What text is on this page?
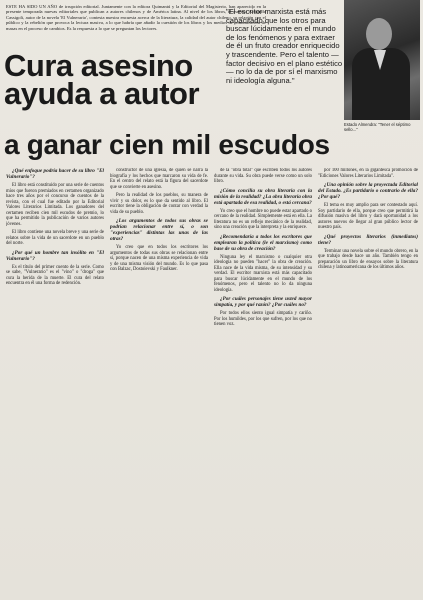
ESTE HA SIDO UN AÑO de irrupción editorial. Juntamente con la editora Quimantú y la Editorial del Magisterio, han aparecido en la presente temporada nuevas editoriales que publican a autores chilenos y de América latina. Al nivel de los libros, el escritor Armando Cassigoli, autor de la novela 'El Vulnerario', contesta nuestra encuesta acerca de la literatura, la calidad del autor chileno, su relación con el público y la rebelión que provoca la lectura masiva, a lo que habría que añadir la cuestión de los libros y los medios de comunicación de masas en el proceso de cambios. Es la respuesta a lo que se preguntan los lectores.
Cura asesino
ayuda a autor
"El escritor marxista está más capacitado que los otros para buscar lúcidamente en el mundo de los fenómenos y para extraer de él un fruto creador enriquecido y trascendente. Pero el talento —factor decisivo en el plano estético— no lo da de por sí el marxismo ni ideología alguna."
Estado Almendra: "Tener el séptimo sello..."
a ganar cien mil escudos

¿Qué enfoque podría hacer de su libro "El Vulnerario"?

El libro está constituido por una serie de cuentos míos que fueron premiados en certamen organizado hace tres años por el concurso de cuentos de la revista, con el cual fue editado por la Editorial Valores Literarios Limitada. Los ganadores del certamen reciben cien mil escudos de premio, lo que ha permitido la publicación de varios autores jóvenes.

El libro contiene una novela breve y una serie de relatos sobre la vida de un sacerdote en un pueblo del norte.

¿Por qué un hombre tan insólito en "El Vulnerario"?

Es el título del primer cuento de la serie. Como se sabe, "Vulnerario" es el "vino" o "droga" que cura la herida de la muerte. El cura del relato encuentra en él una forma de redención.

constructor de una iglesia, de quien se narra la biografía y los hechos que marcaron su vida de fe. En el centro del relato está la figura del sacerdote que se convierte en asesino.

Pero la realidad de los pueblos, su manera de vivir y su dolor, es lo que da sentido al libro. El escritor tiene la obligación de contar con verdad la vida de su pueblo.

¿Los argumentos de todos sus obras se podrían relacionar entre sí, o son "experiencias" distintas las unas de las otras?

Yo creo que en todos los escritores los argumentos de todas sus obras se relacionan entre sí, porque nacen de una misma experiencia de vida y de una misma visión del mundo. Es lo que pasa con Balzac, Dostoievski y Faulkner.

de la "obra total" que escriben todos los autores durante su vida. Su obra puede verse como un solo libro.

¿Cómo concilia su obra literaria con la misión de la realidad? ¿La obra literaria obra está apartada de esa realidad, o está cercana?

Yo creo que el hombre no puede estar apartado o cercano de la realidad. Simplemente está en ella. La literatura no es un reflejo mecánico de la realidad, sino una creación que la interpreta y la enriquece.

¿Recomendaría a todos los escritores que emplearan la política (le el marxismo) como base de su obra de creación?

Ninguna ley el marxismo o cualquier otra ideología no pueden "hacer" la obra de creación. Ella nace de la vida misma, de su intensidad y su verdad. El escritor marxista está más capacitado para buscar lúcidamente en el mundo de los fenómenos, pero el talento no lo da ninguna ideología.

¿Por cuáles personajes tiene usted mayor simpatía, y por qué razón? ¿Por cuáles no?

Por todos ellos siento igual simpatía y cariño. Por los humildes, por los que sufren, por los que no tienen voz.

por 100 millones, en la gigantesca promoción de "Ediciones Valores Literarios Limitada".

¿Una opinión sobre la proyectada Editorial del Estado. ¿Es partidario o contrario de ella? ¿Por qué?

El tema es muy amplio para ser contestado aquí. Soy partidario de ella, porque creo que permitirá la difusión masiva del libro y dará oportunidad a los autores nuevos de llegar al gran público lector de nuestro país.

¿Qué proyectos literarios (inmediatos) tiene?

Terminar una novela sobre el mundo obrero, en la que trabajo desde hace un año. También tengo en preparación un libro de ensayos sobre la literatura chilena y latinoamericana de los últimos años.
